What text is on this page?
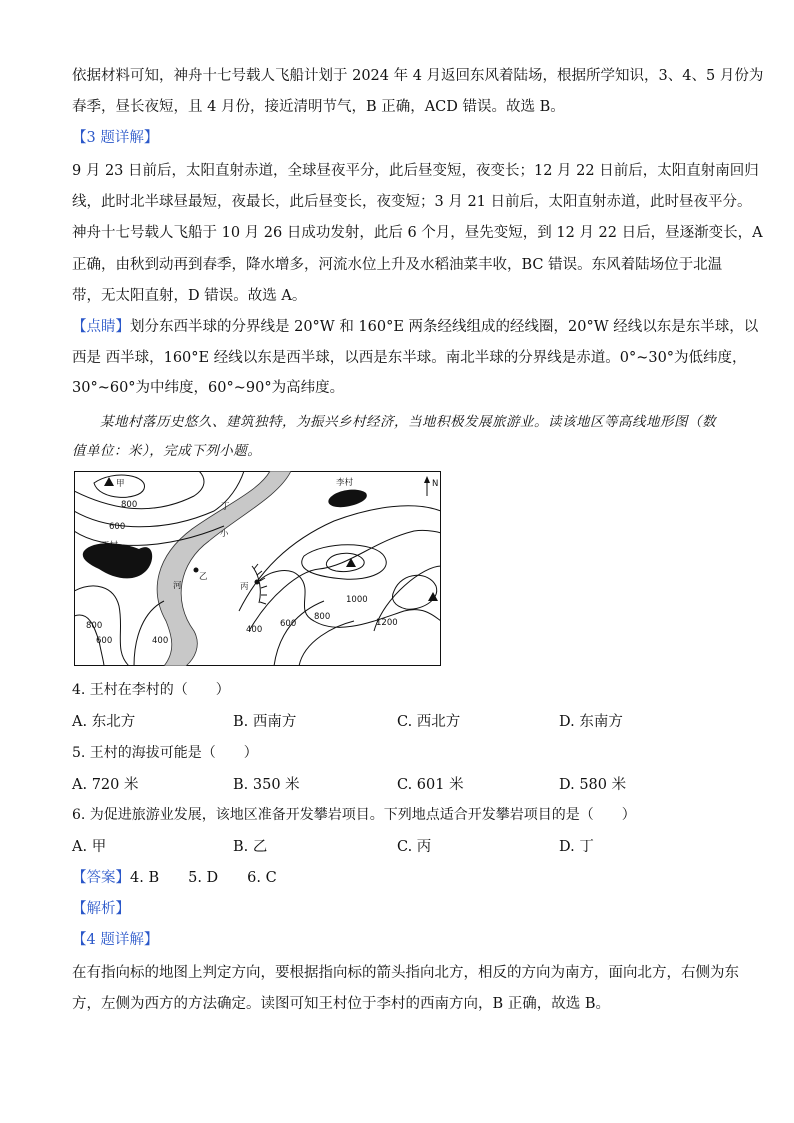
依据材料可知，神舟十七号载人飞船计划于 2024 年 4 月返回东风着陆场，根据所学知识，3、4、5 月份为

春季，昼长夜短，且 4 月份，接近清明节气，B 正确，ACD 错误。故选 B。

【3 题详解】

9 月 23 日前后，太阳直射赤道，全球昼夜平分，此后昼变短，夜变长；12 月 22 日前后，太阳直射南回归

线，此时北半球昼最短，夜最长，此后昼变长，夜变短；3 月 21 日前后，太阳直射赤道，此时昼夜平分。

神舟十七号载人飞船于 10 月 26 日成功发射，此后 6 个月，昼先变短，到 12 月 22 日后，昼逐渐变长，A

正确，由秋到动再到春季，降水增多，河流水位上升及水稻油菜丰收，BC 错误。东风着陆场位于北温

带，无太阳直射，D 错误。故选 A。

【点睛】划分东西半球的分界线是 20°W 和 160°E 两条经线组成的经线圈，20°W 经线以东是东半球，以

西是 西半球，160°E 经线以东是西半球，以西是东半球。南北半球的分界线是赤道。0°~30°为低纬度，

30°~60°为中纬度，60°~90°为高纬度。

某地村落历史悠久、建筑独特，为振兴乡村经济，当地积极发展旅游业。读该地区等高线地形图（数

值单位：米），完成下列小题。

甲
乙
丙
丁
王村
李村
小
河
N
800
600
800
600	400
400
600
800
1000
1200

4. 王村在李村的（　　）

A. 东北方	B. 西南方	C. 西北方	D. 东南方

5. 王村的海拔可能是（　　）

A. 720 米	B. 350 米	C. 601 米	D. 580 米

6. 为促进旅游业发展，该地区准备开发攀岩项目。下列地点适合开发攀岩项目的是（　　）

A. 甲	B. 乙	C. 丙	D. 丁

【答案】4. B　　5. D　　6. C

【解析】

【4 题详解】

在有指向标的地图上判定方向，要根据指向标的箭头指向北方，相反的方向为南方，面向北方，右侧为东

方，左侧为西方的方法确定。读图可知王村位于李村的西南方向，B 正确，故选 B。
